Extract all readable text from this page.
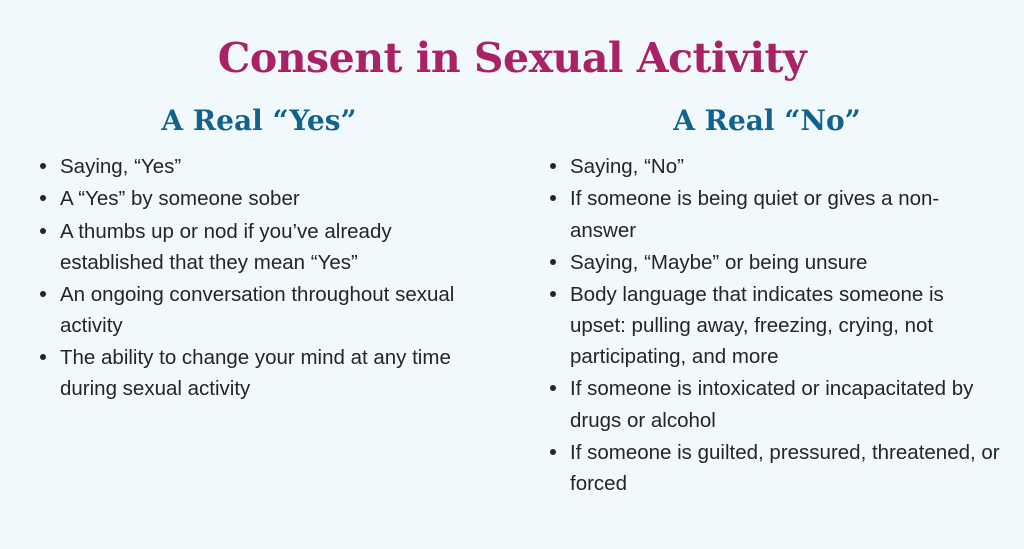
Consent in Sexual Activity
A Real “Yes”
Saying, “Yes”
A “Yes” by someone sober
A thumbs up or nod if you’ve already established that they mean “Yes”
An ongoing conversation throughout sexual activity
The ability to change your mind at any time during sexual activity
A Real “No”
Saying, “No”
If someone is being quiet or gives a non-answer
Saying, “Maybe” or being unsure
Body language that indicates someone is upset: pulling away, freezing, crying, not participating, and more
If someone is intoxicated or incapacitated by drugs or alcohol
If someone is guilted, pressured, threatened, or forced
